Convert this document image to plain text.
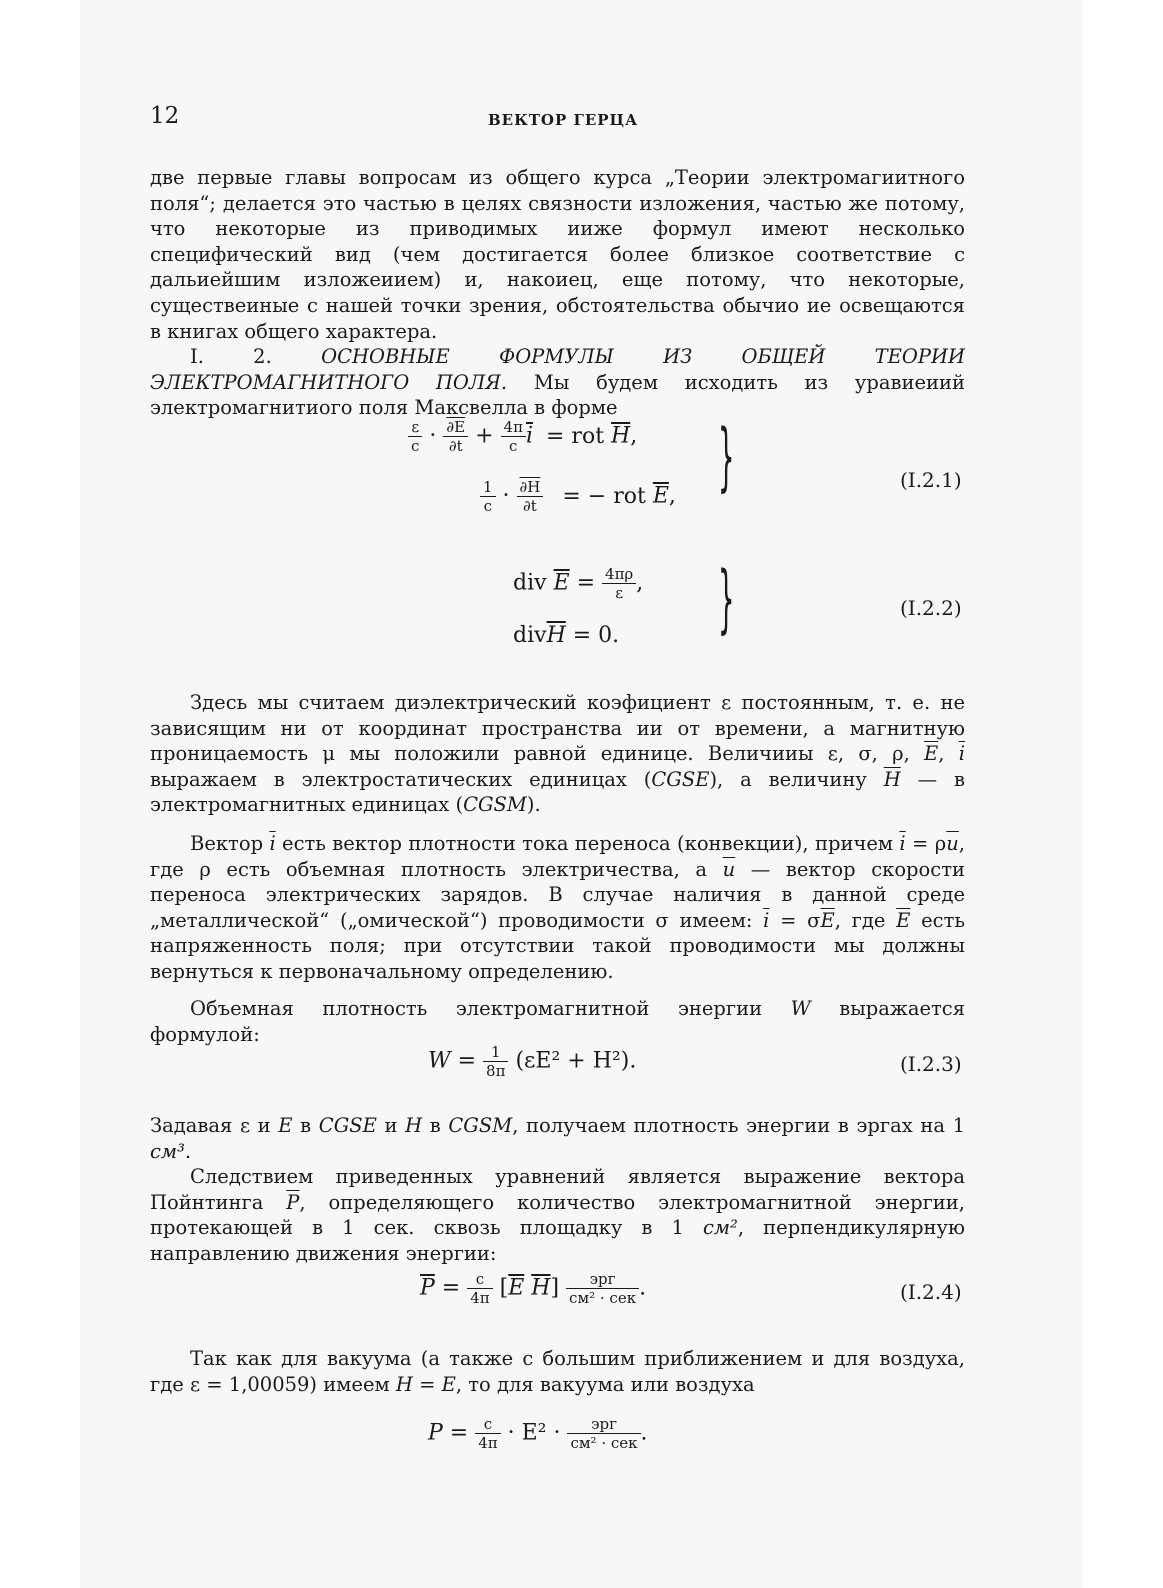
12	ВЕКТОР ГЕРЦА

две первые главы вопросам из общего курса „Теории электромагиитного поля“; делается это частью в целях связности изложения, частью же потому, что некоторые из приводимых ииже формул имеют несколько специфический вид (чем достигается более близкое соответствие с дальиейшим изложеиием) и, накоиец, еще потому, что некоторые, существеиные с нашей точки зрения, обстоятельства обычио ие освещаются в книгах общего характера.

I. 2.	ОСНОВНЫЕ ФОРМУЛЫ ИЗ ОБЩЕЙ ТЕОРИИ ЭЛЕКТРОМАГНИТНОГО ПОЛЯ. Мы будем исходить из уравиеиий электромагнитиого поля Максвелла в форме

$\frac{\varepsilon}{c} \cdot \frac{\partial E}{\partial t} + \frac{4\pi}{c} \overline{i}$ = rot $\overline{H}$,
$\frac{1}{c} \cdot \frac{\partial H}{\partial t}$ = − rot $\overline{E}$, }	(I.2.1)
div $\overline{E} = \frac{4\pi\rho}{\varepsilon}$ ,
$div\overline{H} = 0$. }	(I.2.2)

Здесь мы считаем диэлектрический коэфициент ε постоянным, т. е. не зависящим ни от координат пространства ии от времени, а магнитную проницаемость μ мы положили равной единице. Величииы ε, σ, ρ, $\overline{E}$, $\overline{i}$ выражаем в электростатических единицах (CGSE), а величину $\overline{H}$ — в электромагнитных единицах (CGSM).

Вектор $\overline{i}$ есть вектор плотности тока переноса (конвекции), причем $\overline{i} = \rho\overline{u}$, где ρ есть объемная плотность электричества, а $\overline{u}$ — вектор скорости переноса электрических зарядов. В случае наличия в данной среде „металлической“ („омической“) проводимости σ имеем: $\overline{i} = \sigma\overline{E}$, где $\overline{E}$ есть напряженность поля; при отсутствии такой проводимости мы должны вернуться к первоначальному определению.

Объемная плотность электромагнитной энергии W выражается формулой:

$W = \frac{1}{8\pi} (\varepsilon E^2 + H^2)$.	(I.2.3)

Задавая ε и E в CGSE и H в CGSM, получаем плотность энергии в эргах на 1 см³.

Следствием приведенных уравнений является выражение вектора Пойнтинга $\overline{P}$, определяющего количество электромагнитной энергии, протекающей в 1 сек. сквозь площадку в 1 см², перпендикулярную направлению движения энергии:

$\overline{P} = \frac{c}{4\pi} [\overline{E}$ $\overline{H}] \frac{\text{эрг}}{\text{см² · сек}}$ .	(I.2.4)

Так как для вакуума (а также с большим приближением и для воздуха, где ε = 1,00059) имеем H = E, то для вакуума или воздуха

$P = \frac{c}{4\pi} \cdot E^2 \cdot \frac{\text{эрг}}{\text{см² · сек}}$ .
